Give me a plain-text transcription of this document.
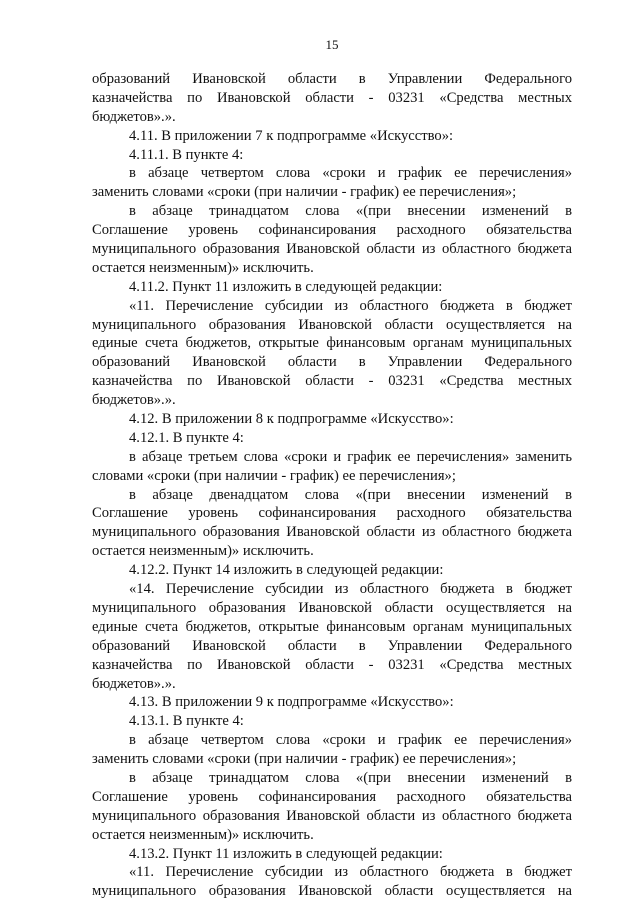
15
образований Ивановской области в Управлении Федерального
казначейства по Ивановской области - 03231 «Средства местных
бюджетов».».
4.11. В приложении 7 к подпрограмме «Искусство»:
4.11.1. В пункте 4:
в абзаце четвертом слова «сроки и график ее перечисления»
заменить словами «сроки (при наличии - график) ее перечисления»;
в абзаце тринадцатом слова «(при внесении изменений в
Соглашение уровень софинансирования расходного обязательства
муниципального образования Ивановской области из областного бюджета
остается неизменным)» исключить.
4.11.2. Пункт 11 изложить в следующей редакции:
«11. Перечисление субсидии из областного бюджета в бюджет
муниципального образования Ивановской области осуществляется на
единые счета бюджетов, открытые финансовым органам муниципальных
образований Ивановской области в Управлении Федерального
казначейства по Ивановской области - 03231 «Средства местных
бюджетов».».
4.12. В приложении 8 к подпрограмме «Искусство»:
4.12.1. В пункте 4:
в абзаце третьем слова «сроки и график ее перечисления» заменить
словами «сроки (при наличии - график) ее перечисления»;
в абзаце двенадцатом слова «(при внесении изменений в
Соглашение уровень софинансирования расходного обязательства
муниципального образования Ивановской области из областного бюджета
остается неизменным)» исключить.
4.12.2. Пункт 14 изложить в следующей редакции:
«14. Перечисление субсидии из областного бюджета в бюджет
муниципального образования Ивановской области осуществляется на
единые счета бюджетов, открытые финансовым органам муниципальных
образований Ивановской области в Управлении Федерального
казначейства по Ивановской области - 03231 «Средства местных
бюджетов».».
4.13. В приложении 9 к подпрограмме «Искусство»:
4.13.1. В пункте 4:
в абзаце четвертом слова «сроки и график ее перечисления»
заменить словами «сроки (при наличии - график) ее перечисления»;
в абзаце тринадцатом слова «(при внесении изменений в
Соглашение уровень софинансирования расходного обязательства
муниципального образования Ивановской области из областного бюджета
остается неизменным)» исключить.
4.13.2. Пункт 11 изложить в следующей редакции:
«11. Перечисление субсидии из областного бюджета в бюджет
муниципального образования Ивановской области осуществляется на
